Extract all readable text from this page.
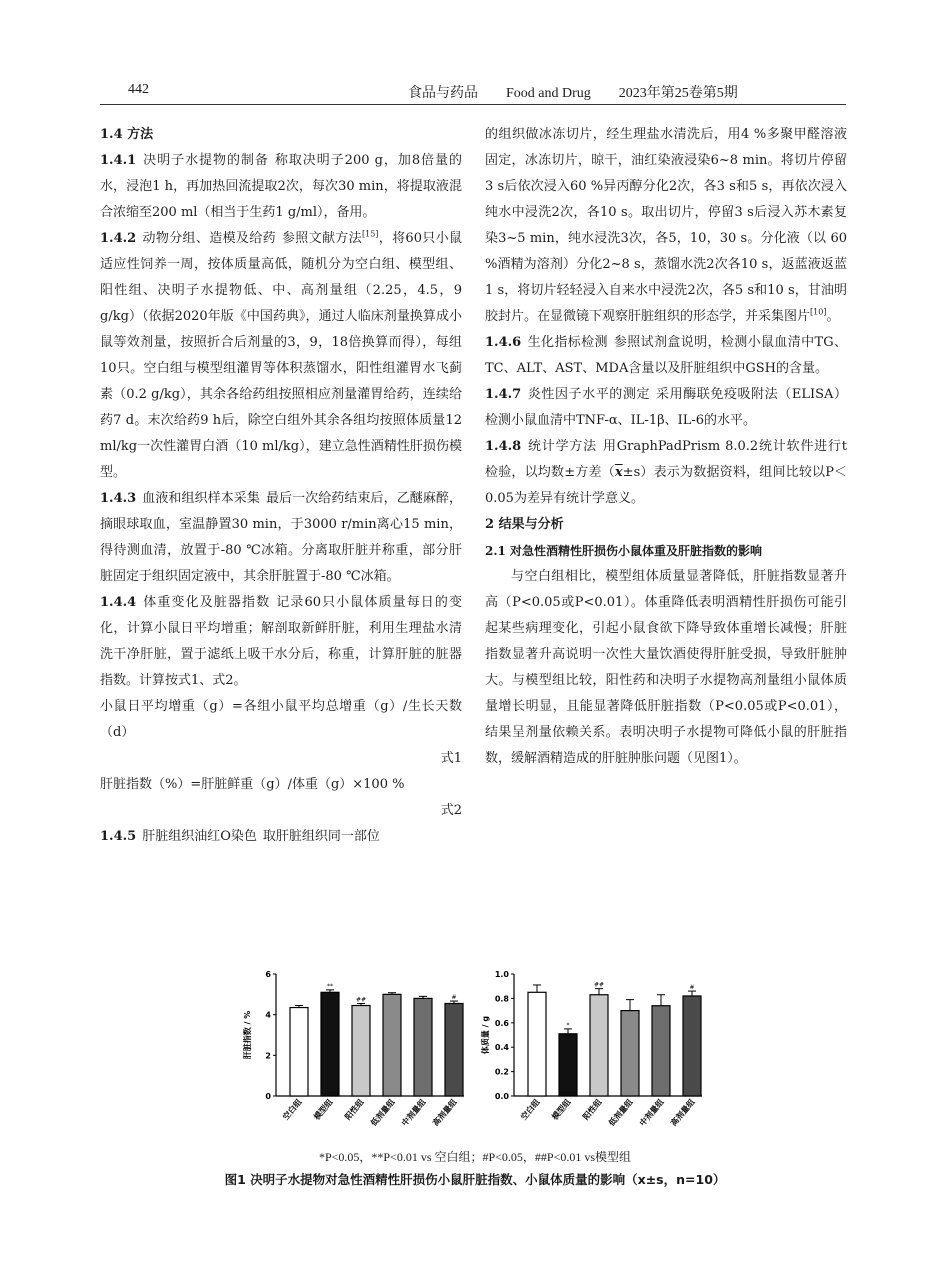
442	食品与药品　　Food and Drug　　2023年第25卷第5期

1.4 方法

1.4.1 决明子水提物的制备 称取决明子200 g，加8倍量的水，浸泡1 h，再加热回流提取2次，每次30 min，将提取液混合浓缩至200 ml（相当于生药1 g/ml），备用。

1.4.2 动物分组、造模及给药 参照文献方法[15]，将60只小鼠适应性饲养一周，按体质量高低，随机分为空白组、模型组、阳性组、决明子水提物低、中、高剂量组（2.25，4.5，9 g/kg）（依据2020年版《中国药典》，通过人临床剂量换算成小鼠等效剂量，按照折合后剂量的3，9，18倍换算而得），每组10只。空白组与模型组灌胃等体积蒸馏水，阳性组灌胃水飞蓟素（0.2 g/kg），其余各给药组按照相应剂量灌胃给药，连续给药7 d。末次给药9 h后，除空白组外其余各组均按照体质量12 ml/kg一次性灌胃白酒（10 ml/kg），建立急性酒精性肝损伤模型。

1.4.3 血液和组织样本采集 最后一次给药结束后，乙醚麻醉，摘眼球取血，室温静置30 min，于3000 r/min离心15 min，得待测血清，放置于-80 ℃冰箱。分离取肝脏并称重，部分肝脏固定于组织固定液中，其余肝脏置于-80 ℃冰箱。

1.4.4 体重变化及脏器指数 记录60只小鼠体质量每日的变化，计算小鼠日平均增重；解剖取新鲜肝脏，利用生理盐水清洗干净肝脏，置于滤纸上吸干水分后，称重，计算肝脏的脏器指数。计算按式1、式2。

小鼠日平均增重（g）=各组小鼠平均总增重（g）/生长天数（d）

式1

肝脏指数（%）=肝脏鲜重（g）/体重（g）×100 %

式2

1.4.5 肝脏组织油红O染色 取肝脏组织同一部位

的组织做冰冻切片，经生理盐水清洗后，用4 %多聚甲醛溶液固定，冰冻切片，晾干，油红染液浸染6~8 min。将切片停留3 s后依次浸入60 %异丙醇分化2次，各3 s和5 s，再依次浸入纯水中浸洗2次，各10 s。取出切片，停留3 s后浸入苏木素复染3~5 min，纯水浸洗3次，各5，10，30 s。分化液（以 60 %酒精为溶剂）分化2~8 s，蒸馏水洗2次各10 s，返蓝液返蓝1 s，将切片轻轻浸入自来水中浸洗2次，各5 s和10 s，甘油明胶封片。在显微镜下观察肝脏组织的形态学，并采集图片[10]。

1.4.6 生化指标检测 参照试剂盒说明，检测小鼠血清中TG、TC、ALT、AST、MDA含量以及肝脏组织中GSH的含量。

1.4.7 炎性因子水平的测定 采用酶联免疫吸附法（ELISA）检测小鼠血清中TNF-α、IL-1β、IL-6的水平。

1.4.8 统计学方法 用GraphPadPrism 8.0.2统计软件进行t检验，以均数±方差$(\overline{x}\pm s)$表示为数据资料，组间比较以P＜0.05为差异有统计学意义。

2 结果与分析

2.1 对急性酒精性肝损伤小鼠体重及肝脏指数的影响

与空白组相比，模型组体质量显著降低，肝脏指数显著升高（P<0.05或P<0.01）。体重降低表明酒精性肝损伤可能引起某些病理变化，引起小鼠食欲下降导致体重增长减慢；肝脏指数显著升高说明一次性大量饮酒使得肝脏受损，导致肝脏肿大。与模型组比较，阳性药和决明子水提物高剂量组小鼠体质量增长明显，且能显著降低肝脏指数（P<0.05或P<0.01），结果呈剂量依赖关系。表明决明子水提物可降低小鼠的肝脏指数，缓解酒精造成的肝脏肿胀问题（见图1）。

肝脏指数 / %
0
2
4
6
空白组
**
模型组
##
阳性组 低剂量组 中剂量组
#
高剂量组
体质量 / g
0.0
0.2
0.4
0.6
0.8
1.0
空白组
*
模型组
##
阳性组 低剂量组 中剂量组
#
高剂量组
*P<0.05，**P<0.01 vs 空白组；#P<0.05，##P<0.01 vs模型组
图1 决明子水提物对急性酒精性肝损伤小鼠肝脏指数、小鼠体质量的影响（x±s，n=10）
